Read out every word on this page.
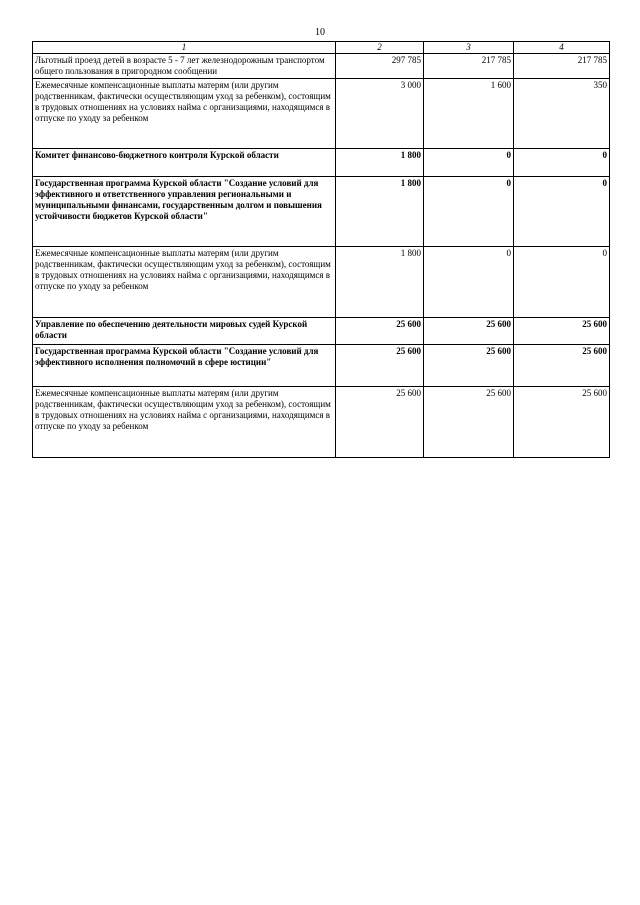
10
1	2	3	4
Льготный проезд детей в возрасте 5 - 7 лет железнодорожным транспортом общего пользования в пригородном сообщении	297 785	217 785	217 785
Ежемесячные компенсационные выплаты матерям (или другим родственникам, фактически осуществляющим уход за ребенком), состоящим в трудовых отношениях на условиях найма с организациями, находящимся в отпуске по уходу за ребенком	3 000	1 600	350
Комитет финансово-бюджетного контроля Курской области	1 800	0	0
Государственная программа Курской области "Создание условий для эффективного и ответственного управления региональными и муниципальными финансами, государственным долгом и повышения устойчивости бюджетов Курской области"	1 800	0	0
Ежемесячные компенсационные выплаты матерям (или другим родственникам, фактически осуществляющим уход за ребенком), состоящим в трудовых отношениях на условиях найма с организациями, находящимся в отпуске по уходу за ребенком	1 800	0	0
Управление по обеспечению деятельности мировых судей Курской области	25 600	25 600	25 600
Государственная программа Курской области "Создание условий для эффективного исполнения полномочий в сфере юстиции"	25 600	25 600	25 600
Ежемесячные компенсационные выплаты матерям (или другим родственникам, фактически осуществляющим уход за ребенком), состоящим в трудовых отношениях на условиях найма с организациями, находящимся в отпуске по уходу за ребенком	25 600	25 600	25 600
